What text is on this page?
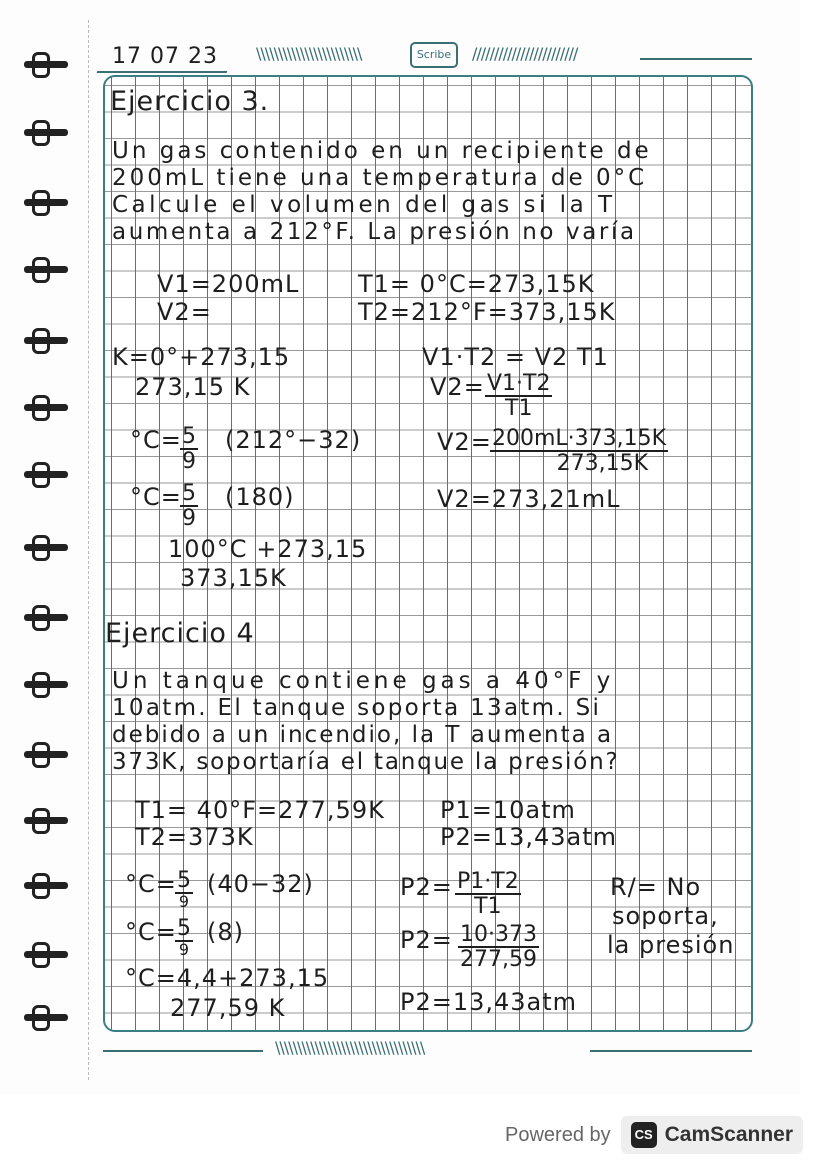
17 07 23	\\\\\\\\\\\\\\\\\\\\\\\\	Scribe	////////////////////////
Ejercicio 3.
Un gas contenido en un recipiente de
200mL tiene una temperatura de 0°C
Calcule el volumen del gas si la T
aumenta a 212°F. La presión no varía
V1=200mL
V2=
T1= 0°C=273,15K
T2=212°F=373,15K
K=0°+273,15
273,15 K
°C=
$\frac{5}{9} (212^\circ-32)$
°C=
$\frac{5}{9} (180)$
100°C +273,15
373,15K
V1·T2 = V2 T1
$V2= \frac{V1\cdot T2}{T1}$
V2=
$\frac{200mL\cdot 373,15K}{273,15K}$
V2=273,21mL
Ejercicio 4
Un tanque contiene gas a 40°F y
10atm. El tanque soporta 13atm. Si
debido a un incendio, la T aumenta a
373K, soportaría el tanque la presión?
T1= 40°F=277,59K
T2=373K
P1=10atm
P2=13,43atm
°C= 5
9
(40−32)
°C= 5
9
(8)
°C=4,4+273,15
277,59 K
$P2= \frac{P1\cdot T2}{T1}$
$P2= \frac{10\cdot 373}{277,59}$
P2=13,43atm
R/= No
soporta,
la presión
\\\\\\\\\\\\\\\\\\\\\\\\\\\\\\\\\\
Powered by	CS CamScanner
